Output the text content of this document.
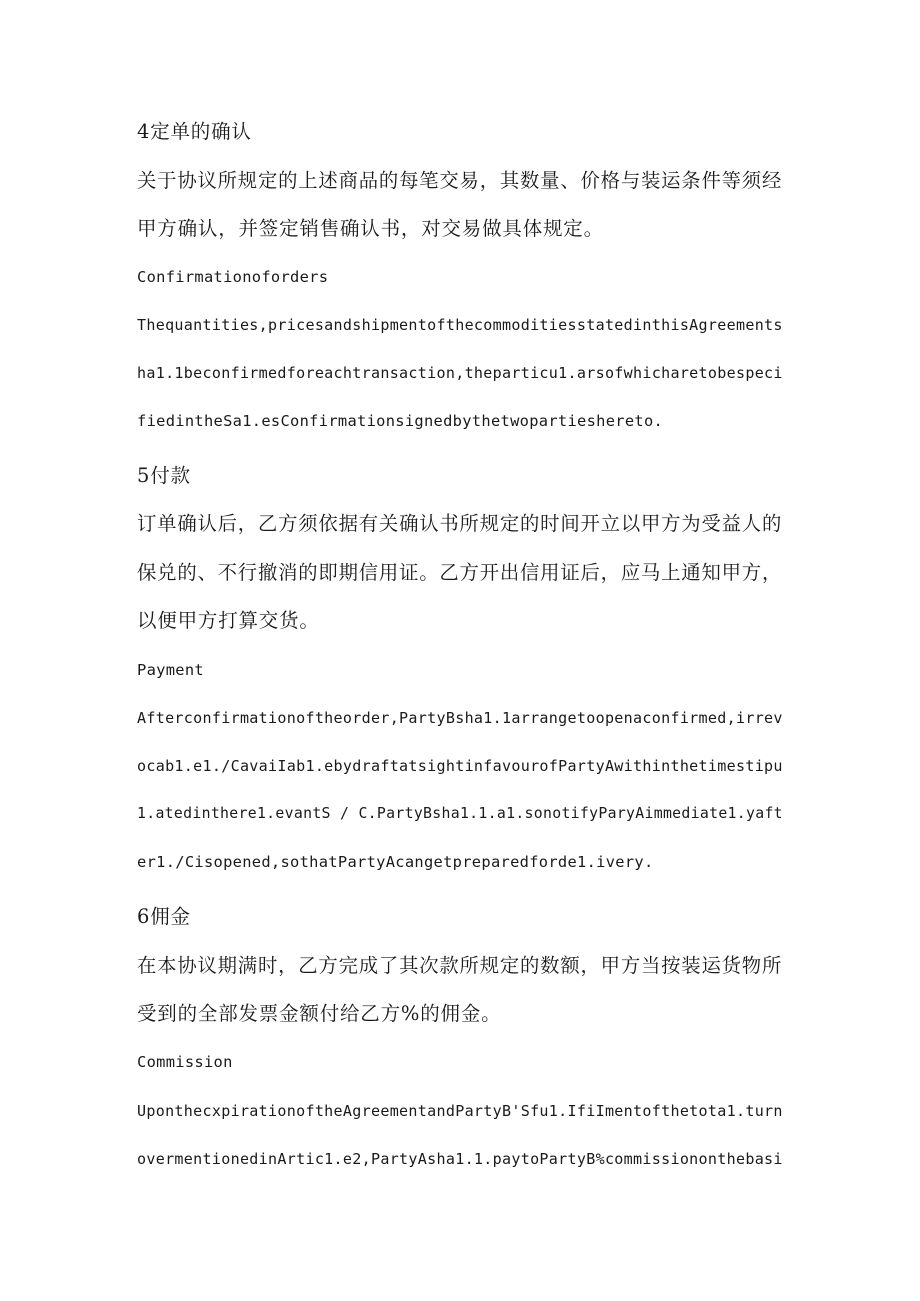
4定单的确认
关于协议所规定的上述商品的每笔交易，其数量、价格与装运条件等须经
甲方确认，并签定销售确认书，对交易做具体规定。
Confirmationoforders
Thequantities,pricesandshipmentofthecommoditiesstatedinthisAgreements
ha1.1beconfirmedforeachtransaction,theparticu1.arsofwhicharetobespeci
fiedintheSa1.esConfirmationsignedbythetwopartieshereto.
5付款
订单确认后，乙方须依据有关确认书所规定的时间开立以甲方为受益人的
保兑的、不行撤消的即期信用证。乙方开出信用证后，应马上通知甲方，
以便甲方打算交货。
Payment
Afterconfirmationoftheorder,PartyBsha1.1arrangetoopenaconfirmed,irrev
ocab1.e1./CavaiIab1.ebydraftatsightinfavourofPartyAwithinthetimestipu
1.atedinthere1.evantS / C.PartyBsha1.1.a1.sonotifyParyAimmediate1.yaft
er1./Cisopened,sothatPartyAcangetpreparedforde1.ivery.
6佣金
在本协议期满时，乙方完成了其次款所规定的数额，甲方当按装运货物所
受到的全部发票金额付给乙方%的佣金。
Commission
UponthecxpirationoftheAgreementandPartyB'Sfu1.IfiImentofthetota1.turn
overmentionedinArtic1.e2,PartyAsha1.1.paytoPartyB%commissiononthebasi
